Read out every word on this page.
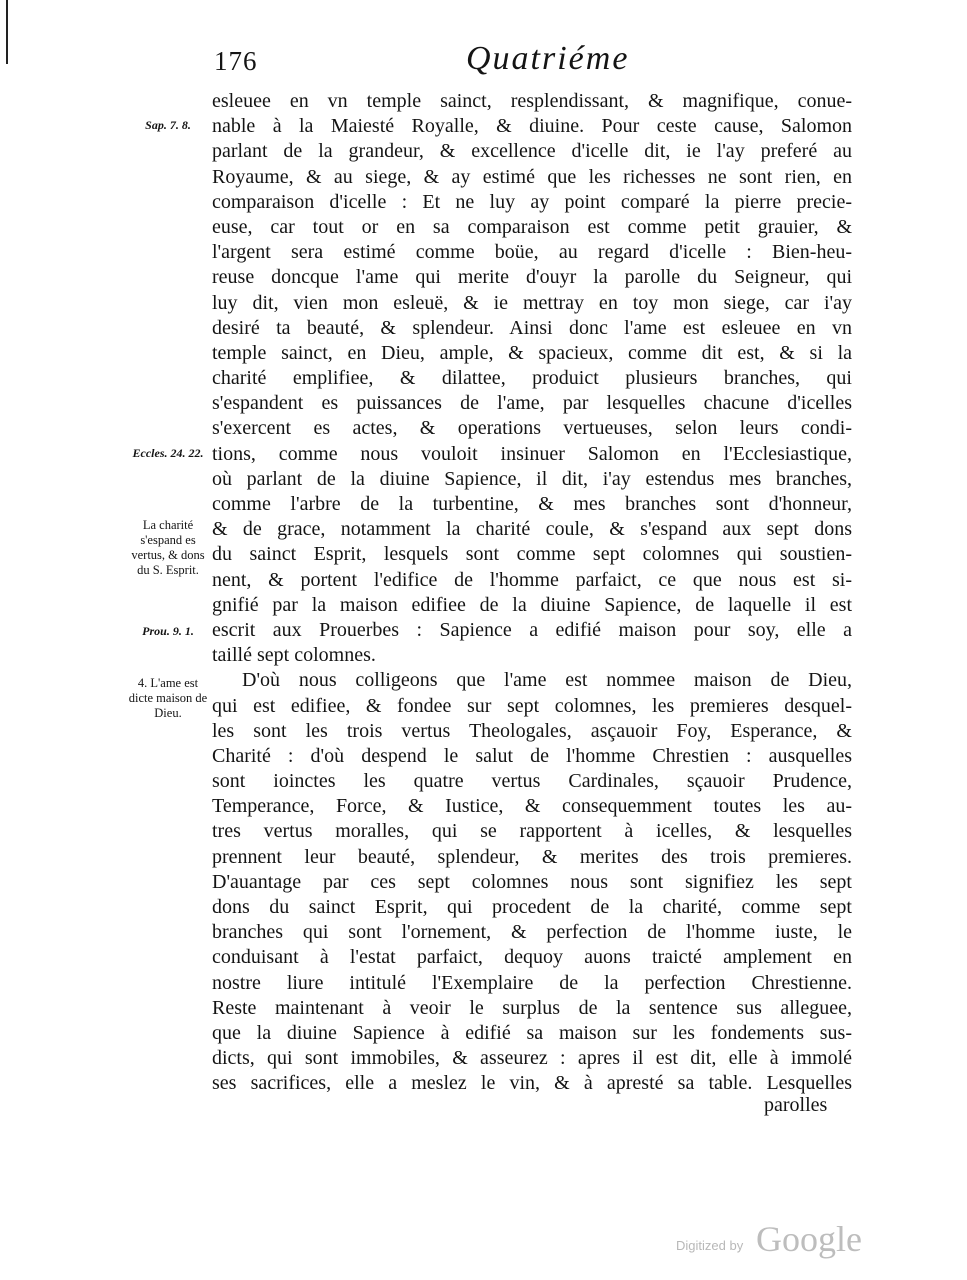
176	Quatriéme
Sap. 7. 8.
Eccles. 24. 22.
La charité s'espand es vertus, & dons du S. Esprit.
Prou. 9. 1.
4. L'ame est dicte maison de Dieu.
esleuee en vn temple sainct, resplendissant, & magnifique, conue-
nable à la Maiesté Royalle, & diuine. Pour ceste cause, Salomon
parlant de la grandeur, & excellence d'icelle dit, ie l'ay preferé au
Royaume, & au siege, & ay estimé que les richesses ne sont rien, en
comparaison d'icelle : Et ne luy ay point comparé la pierre precie-
euse, car tout or en sa comparaison est comme petit grauier, &
l'argent sera estimé comme boüe, au regard d'icelle : Bien-heu-
reuse doncque l'ame qui merite d'ouyr la parolle du Seigneur, qui
luy dit, vien mon esleuë, & ie mettray en toy mon siege, car i'ay
desiré ta beauté, & splendeur. Ainsi donc l'ame est esleuee en vn
temple sainct, en Dieu, ample, & spacieux, comme dit est, & si la
charité emplifiee, & dilattee, produict plusieurs branches, qui
s'espandent es puissances de l'ame, par lesquelles chacune d'icelles
s'exercent es actes, & operations vertueuses, selon leurs condi-
tions, comme nous vouloit insinuer Salomon en l'Ecclesiastique,
où parlant de la diuine Sapience, il dit, i'ay estendus mes branches,
comme l'arbre de la turbentine, & mes branches sont d'honneur,
& de grace, notamment la charité coule, & s'espand aux sept dons
du sainct Esprit, lesquels sont comme sept colomnes qui soustien-
nent, & portent l'edifice de l'homme parfaict, ce que nous est si-
gnifié par la maison edifiee de la diuine Sapience, de laquelle il est
escrit aux Prouerbes : Sapience a edifié maison pour soy, elle a
taillé sept colomnes.
D'où nous colligeons que l'ame est nommee maison de Dieu,
qui est edifiee, & fondee sur sept colomnes, les premieres desquel-
les sont les trois vertus Theologales, asçauoir Foy, Esperance, &
Charité : d'où despend le salut de l'homme Chrestien : ausquelles
sont ioinctes les quatre vertus Cardinales, sçauoir Prudence,
Temperance, Force, & Iustice, & consequemment toutes les au-
tres vertus moralles, qui se rapportent à icelles, & lesquelles
prennent leur beauté, splendeur, & merites des trois premieres.
D'auantage par ces sept colomnes nous sont signifiez les sept
dons du sainct Esprit, qui procedent de la charité, comme sept
branches qui sont l'ornement, & perfection de l'homme iuste, le
conduisant à l'estat parfaict, dequoy auons traicté amplement en
nostre liure intitulé l'Exemplaire de la perfection Chrestienne.
Reste maintenant à veoir le surplus de la sentence sus alleguee,
que la diuine Sapience à edifié sa maison sur les fondements sus-
dicts, qui sont immobiles, & asseurez : apres il est dit, elle à immolé
ses sacrifices, elle a meslez le vin, & à apresté sa table. Lesquelles
parolles
Digitized by Google
